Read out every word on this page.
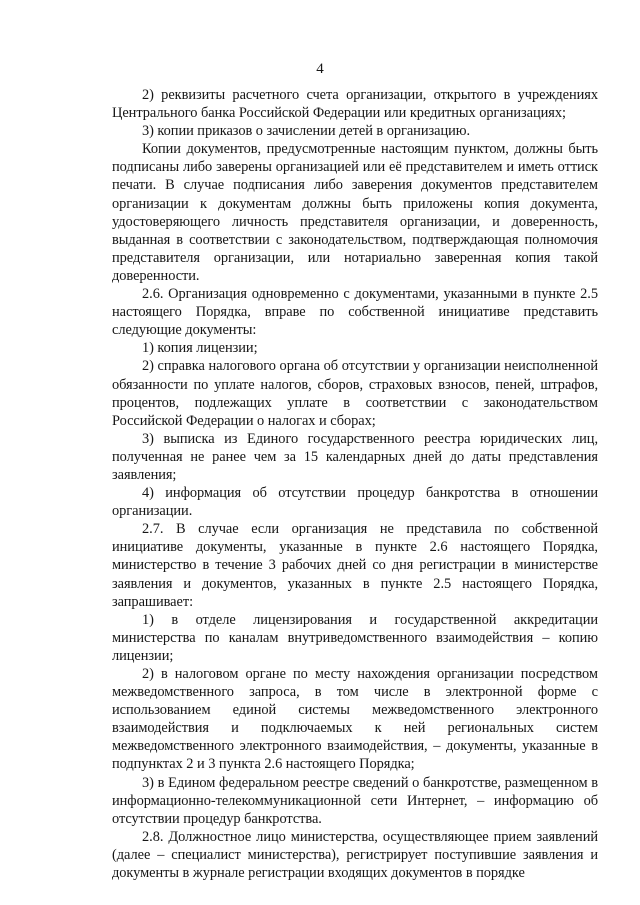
4

2) реквизиты расчетного счета организации, открытого в учреждениях Центрального банка Российской Федерации или кредитных организациях;

3) копии приказов о зачислении детей в организацию.

Копии документов, предусмотренные настоящим пунктом, должны быть подписаны либо заверены организацией или её представителем и иметь оттиск печати. В случае подписания либо заверения документов представителем организации к документам должны быть приложены копия документа, удостоверяющего личность представителя организации, и доверенность, выданная в соответствии с законодательством, подтверждающая полномочия представителя организации, или нотариально заверенная копия такой доверенности.

2.6. Организация одновременно с документами, указанными в пункте 2.5 настоящего Порядка, вправе по собственной инициативе представить следующие документы:

1) копия лицензии;

2) справка налогового органа об отсутствии у организации неисполненной обязанности по уплате налогов, сборов, страховых взносов, пеней, штрафов, процентов, подлежащих уплате в соответствии с законодательством Российской Федерации о налогах и сборах;

3) выписка из Единого государственного реестра юридических лиц, полученная не ранее чем за 15 календарных дней до даты представления заявления;

4) информация об отсутствии процедур банкротства в отношении организации.

2.7. В случае если организация не представила по собственной инициативе документы, указанные в пункте 2.6 настоящего Порядка, министерство в течение 3 рабочих дней со дня регистрации в министерстве заявления и документов, указанных в пункте 2.5 настоящего Порядка, запрашивает:

1) в отделе лицензирования и государственной аккредитации министерства по каналам внутриведомственного взаимодействия – копию лицензии;

2) в налоговом органе по месту нахождения организации посредством межведомственного запроса, в том числе в электронной форме с использованием единой системы межведомственного электронного взаимодействия и подключаемых к ней региональных систем межведомственного электронного взаимодействия, – документы, указанные в подпунктах 2 и 3 пункта 2.6 настоящего Порядка;

3) в Едином федеральном реестре сведений о банкротстве, размещенном в информационно-телекоммуникационной сети Интернет, – информацию об отсутствии процедур банкротства.

2.8. Должностное лицо министерства, осуществляющее прием заявлений (далее – специалист министерства), регистрирует поступившие заявления и документы в журнале регистрации входящих документов в порядке
